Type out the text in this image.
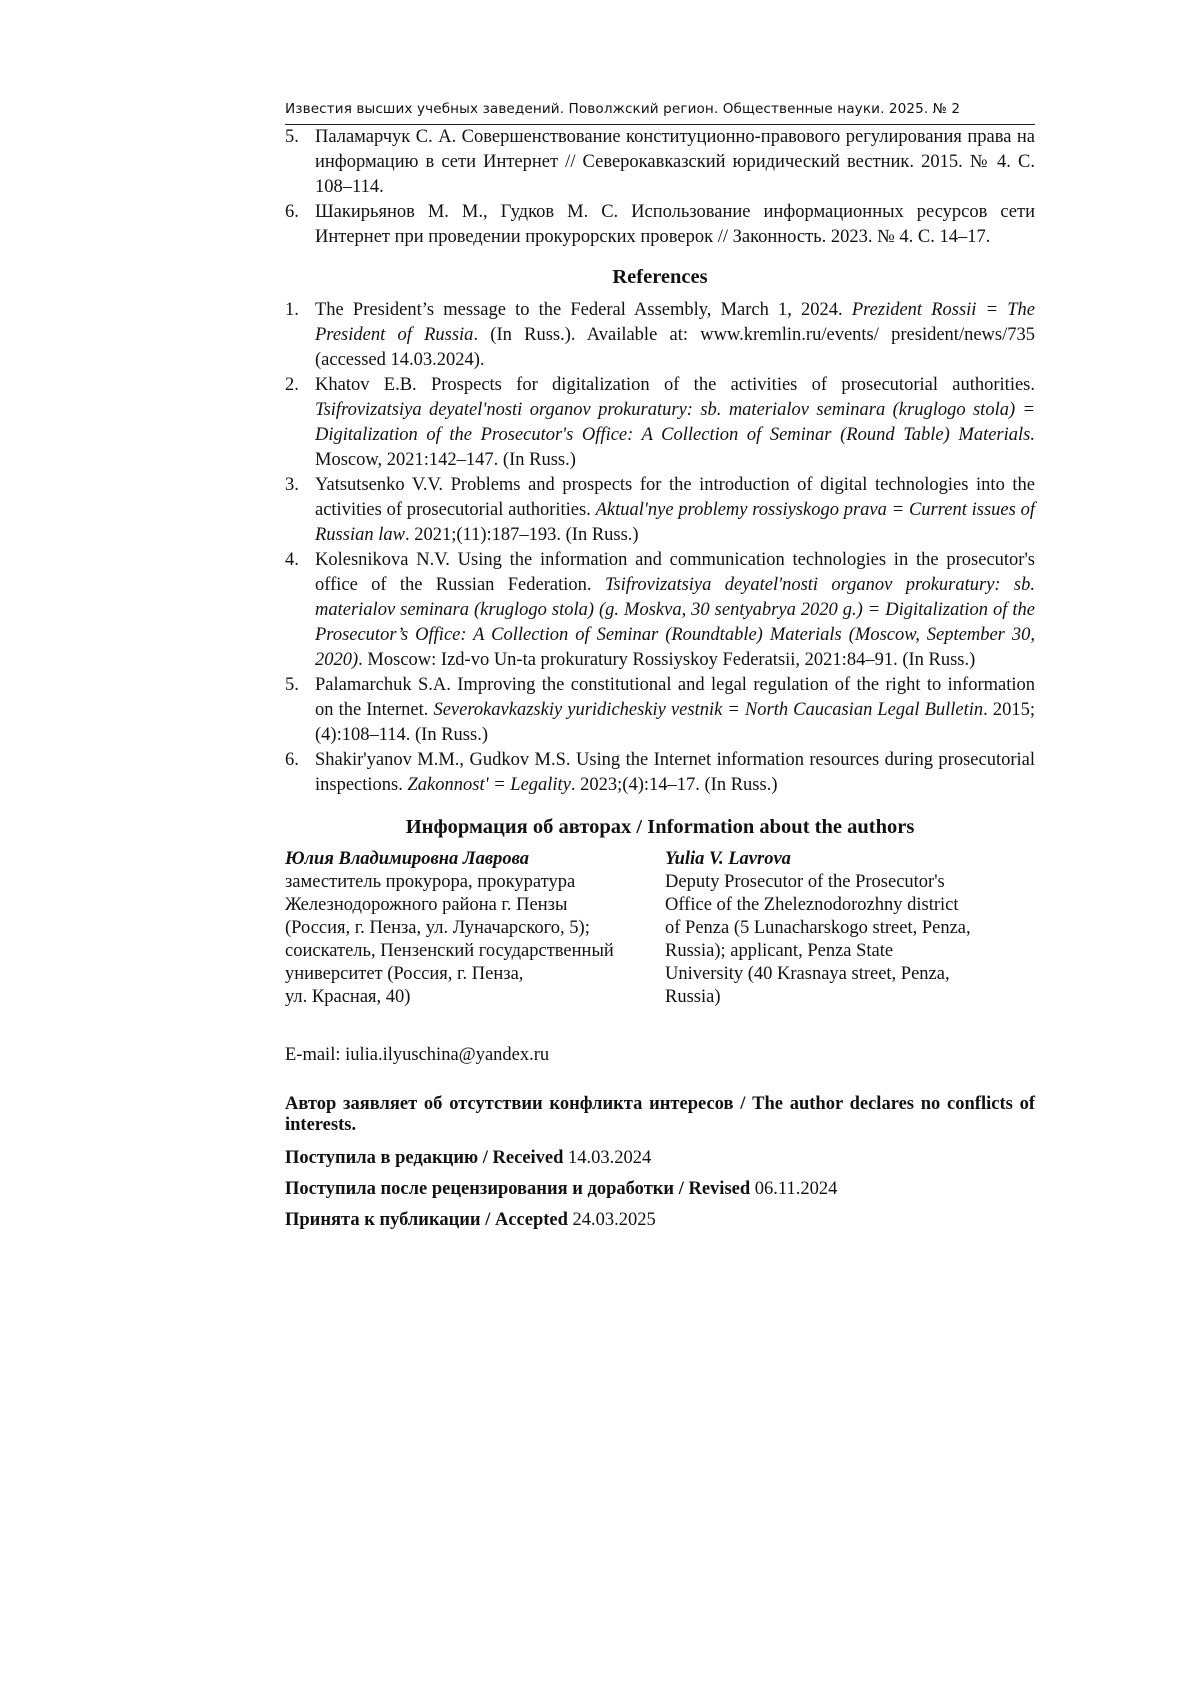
Известия высших учебных заведений. Поволжский регион. Общественные науки. 2025. № 2
5. Паламарчук С. А. Совершенствование конституционно-правового регулирования права на информацию в сети Интернет // Северокавказский юридический вестник. 2015. № 4. С. 108–114.
6. Шакирьянов М. М., Гудков М. С. Использование информационных ресурсов сети Интернет при проведении прокурорских проверок // Законность. 2023. № 4. С. 14–17.
References
1. The President’s message to the Federal Assembly, March 1, 2024. Prezident Rossii = The President of Russia. (In Russ.). Available at: www.kremlin.ru/events/ president/news/735 (accessed 14.03.2024).
2. Khatov E.B. Prospects for digitalization of the activities of prosecutorial authorities. Tsifrovizatsiya deyatel'nosti organov prokuratury: sb. materialov seminara (kruglogo stola) = Digitalization of the Prosecutor's Office: A Collection of Seminar (Round Table) Materials. Moscow, 2021:142–147. (In Russ.)
3. Yatsutsenko V.V. Problems and prospects for the introduction of digital technologies into the activities of prosecutorial authorities. Aktual'nye problemy rossiyskogo prava = Current issues of Russian law. 2021;(11):187–193. (In Russ.)
4. Kolesnikova N.V. Using the information and communication technologies in the prosecutor's office of the Russian Federation. Tsifrovizatsiya deyatel'nosti organov prokuratury: sb. materialov seminara (kruglogo stola) (g. Moskva, 30 sentyabrya 2020 g.) = Digitalization of the Prosecutor’s Office: A Collection of Seminar (Roundtable) Materials (Moscow, September 30, 2020). Moscow: Izd-vo Un-ta prokuratury Rossiyskoy Federatsii, 2021:84–91. (In Russ.)
5. Palamarchuk S.A. Improving the constitutional and legal regulation of the right to information on the Internet. Severokavkazskiy yuridicheskiy vestnik = North Caucasian Legal Bulletin. 2015;(4):108–114. (In Russ.)
6. Shakir'yanov M.M., Gudkov M.S. Using the Internet information resources during prosecutorial inspections. Zakonnost' = Legality. 2023;(4):14–17. (In Russ.)
Информация об авторах / Information about the authors
Юлия Владимировна Лаврова
заместитель прокурора, прокуратура
Железнодорожного района г. Пензы
(Россия, г. Пенза, ул. Луначарского, 5);
соискатель, Пензенский государственный
университет (Россия, г. Пенза,
ул. Красная, 40)
Yulia V. Lavrova
Deputy Prosecutor of the Prosecutor's
Office of the Zheleznodorozhny district
of Penza (5 Lunacharskogo street, Penza,
Russia); applicant, Penza State
University (40 Krasnaya street, Penza,
Russia)
E-mail: iulia.ilyuschina@yandex.ru

Автор заявляет об отсутствии конфликта интересов / The author declares no conflicts of interests.

Поступила в редакцию / Received 14.03.2024

Поступила после рецензирования и доработки / Revised 06.11.2024

Принята к публикации / Accepted 24.03.2025
